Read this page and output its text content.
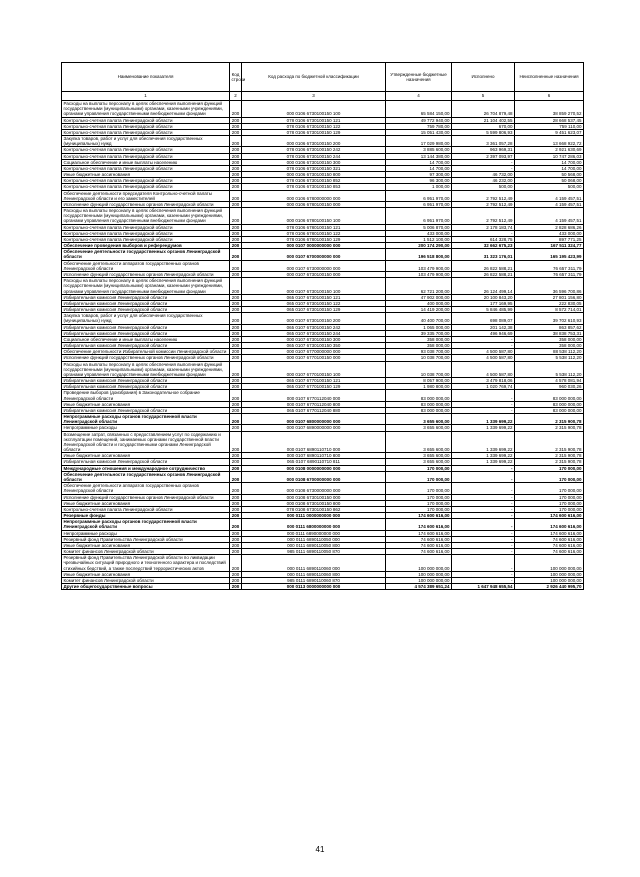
Наименование показателя	Код строки	Код расхода по бюджетной классификации	Утвержденные бюджетные назначения	Исполнено	Неисполненные назначения
1	2	3	4	5	6
Расходы на выплаты персоналу в целях обеспечения выполнения функций государственными (муниципальными) органами, казенными учреждениями, органами управления государственными внебюджетными фондами	200	000 0106 6730100150 100	65 584 150,00	26 704 879,48	38 859 270,52
Контрольно-счетная палата Ленинградской области	200	078 0106 6730100150 121	49 772 940,00	21 104 402,55	28 668 537,45
Контрольно-счетная палата Ленинградской области	200	078 0106 6730100150 122	759 780,00	670,00	759 110,00
Контрольно-счетная палата Ленинградской области	200	078 0106 6730100150 129	15 051 430,00	5 599 806,93	9 451 623,07
Закупка товаров, работ и услуг для обеспечения государственных (муниципальных) нужд	200	000 0106 6730100150 200	17 029 980,00	3 361 057,28	13 668 922,72
Контрольно-счетная палата Ленинградской области	200	078 0106 6730100150 242	3 885 600,00	963 969,31	2 921 630,69
Контрольно-счетная палата Ленинградской области	200	078 0106 6730100150 244	13 144 380,00	2 397 093,97	10 747 286,03
Социальное обеспечение и иные выплаты населению	200	000 0106 6730100150 300	14 700,00	-	14 700,00
Контрольно-счетная палата Ленинградской области	200	078 0106 6730100150 321	14 700,00	-	14 700,00
Иные бюджетные ассигнования	200	000 0106 6730100150 800	97 300,00	46 732,00	50 568,00
Контрольно-счетная палата Ленинградской области	200	078 0106 6730100150 852	96 300,00	46 232,00	50 068,00
Контрольно-счетная палата Ленинградской области	200	078 0106 6730100150 853	1 000,00	500,00	500,00
Обеспечение деятельности председателя Контрольно-счетной палаты Ленинградской области и его заместителей	200	000 0106 6780000000 000	6 951 970,00	2 792 512,49	4 159 457,51
Исполнение функций государственных органов Ленинградской области	200	000 0106 6780100150 000	6 951 970,00	2 792 512,49	4 159 457,51
Расходы на выплаты персоналу в целях обеспечения выполнения функций государственными (муниципальными) органами, казенными учреждениями, органами управления государственными внебюджетными фондами	200	000 0106 6780100150 100	6 951 970,00	2 792 512,49	4 159 457,51
Контрольно-счетная палата Ленинградской области	200	078 0106 6780100150 121	5 006 870,00	2 178 183,74	2 828 686,26
Контрольно-счетная палата Ленинградской области	200	078 0106 6780100150 122	433 000,00	-	433 000,00
Контрольно-счетная палата Ленинградской области	200	078 0106 6780100150 129	1 512 100,00	614 328,75	897 771,25
Обеспечение проведения выборов и референдумов	200	000 0107 0000000000 000	200 174 290,00	32 662 675,23	167 511 324,77
Обеспечение деятельности государственных органов Ленинградской области	200	000 0107 6700000000 000	196 518 800,00	31 323 176,01	165 195 423,99
Обеспечение деятельности аппаратов государственных органов Ленинградской области	200	000 0107 6730000000 000	103 479 900,00	26 822 588,21	76 657 311,79
Исполнение функций государственных органов Ленинградской области	200	000 0107 6730100150 000	103 479 900,00	26 822 588,21	76 657 311,79
Расходы на выплаты персоналу в целях обеспечения выполнения функций государственными (муниципальными) органами, казенными учреждениями, органами управления государственными внебюджетными фондами	200	000 0107 6730100150 100	62 721 200,00	26 124 499,14	36 596 700,86
Избирательная комиссия Ленинградской области	200	065 0107 6730100150 121	47 902 000,00	20 100 843,20	27 801 156,80
Избирательная комиссия Ленинградской области	200	065 0107 6730100150 122	400 000,00	177 169,95	222 830,05
Избирательная комиссия Ленинградской области	200	065 0107 6730100150 129	14 419 200,00	5 846 485,99	8 572 714,01
Закупка товаров, работ и услуг для обеспечения государственных (муниципальных) нужд	200	000 0107 6730100150 200	40 400 700,00	698 089,07	39 702 610,93
Избирательная комиссия Ленинградской области	200	065 0107 6730100150 242	1 065 000,00	201 142,38	863 857,62
Избирательная комиссия Ленинградской области	200	065 0107 6730100150 244	39 335 700,00	496 946,69	38 838 753,31
Социальное обеспечение и иные выплаты населению	200	000 0107 6730100150 300	358 000,00	-	358 000,00
Избирательная комиссия Ленинградской области	200	065 0107 6730100150 350	358 000,00	-	358 000,00
Обеспечение деятельности Избирательной комиссии Ленинградской области	200	000 0107 6770000000 000	93 038 700,00	4 500 587,80	88 538 112,20
Исполнение функций государственных органов Ленинградской области	200	000 0107 6770100150 000	10 038 700,00	4 500 587,80	5 538 112,20
Расходы на выплаты персоналу в целях обеспечения выполнения функций государственными (муниципальными) органами, казенными учреждениями, органами управления государственными внебюджетными фондами	200	000 0107 6770100150 100	10 038 700,00	4 500 587,80	5 538 112,20
Избирательная комиссия Ленинградской области	200	065 0107 6770100150 121	8 057 900,00	3 479 818,06	4 578 081,94
Избирательная комиссия Ленинградской области	200	065 0107 6770100150 129	1 980 800,00	1 020 769,74	960 030,26
Проведение выборов (доизбрания) в Законодательное собрание Ленинградской области	200	000 0107 6770112040 000	83 000 000,00	-	83 000 000,00
Иные бюджетные ассигнования	200	000 0107 6770112040 800	83 000 000,00	-	83 000 000,00
Избирательная комиссия Ленинградской области	200	065 0107 6770112040 880	83 000 000,00	-	83 000 000,00
Непрограммные расходы органов государственной власти Ленинградской области	200	000 0107 6800000000 000	3 655 600,00	1 339 699,22	2 315 900,78
Непрограммные расходы	200	000 0107 6890000000 000	3 655 600,00	1 339 699,22	2 315 900,78
Возмещение затрат, связанных с предоставлением услуг по содержанию и эксплуатации помещений, занимаемых органами государственной власти Ленинградской области и государственными органами Ленинградской области	200	000 0107 6890110710 000	3 655 600,00	1 339 699,22	2 315 900,78
Иные бюджетные ассигнования	200	000 0107 6890110710 800	3 655 600,00	1 339 699,22	2 315 900,78
Избирательная комиссия Ленинградской области	200	065 0107 6890110710 811	3 655 600,00	1 339 699,22	2 315 900,78
Международные отношения и международное сотрудничество	200	000 0108 0000000000 000	170 000,00	-	170 000,00
Обеспечение деятельности государственных органов Ленинградской области	200	000 0108 6700000000 000	170 000,00	-	170 000,00
Обеспечение деятельности аппаратов государственных органов Ленинградской области	200	000 0108 6730000000 000	170 000,00	-	170 000,00
Исполнение функций государственных органов Ленинградской области	200	000 0108 6730100150 000	170 000,00	-	170 000,00
Иные бюджетные ассигнования	200	000 0108 6730100150 800	170 000,00	-	170 000,00
Контрольно-счетная палата Ленинградской области	200	078 0108 6730100150 862	170 000,00	-	170 000,00
Резервные фонды	200	000 0111 0000000000 000	174 600 616,00	-	174 600 616,00
Непрограммные расходы органов государственной власти Ленинградской области	200	000 0111 6800000000 000	174 600 616,00	-	174 600 616,00
Непрограммные расходы	200	000 0111 6890000000 000	174 600 616,00	-	174 600 616,00
Резервный фонд Правительства Ленинградской области	200	000 0111 6890110050 000	74 600 616,00	-	74 600 616,00
Иные бюджетные ассигнования	200	000 0111 6890110050 800	74 600 616,00	-	74 600 616,00
Комитет финансов Ленинградской области	200	985 0111 6890110050 870	74 600 616,00	-	74 600 616,00
Резервный фонд Правительства Ленинградской области по ликвидации чрезвычайных ситуаций природного и техногенного характера и последствий стихийных бедствий, а также последствий террористических актов	200	000 0111 6890110060 000	100 000 000,00	-	100 000 000,00
Иные бюджетные ассигнования	200	000 0111 6890110060 800	100 000 000,00	-	100 000 000,00
Комитет финансов Ленинградской области	200	985 0111 6890110060 870	100 000 000,00	-	100 000 000,00
Другие общегосударственные вопросы	200	000 0113 0000000000 000	4 574 389 651,24	1 647 948 655,54	2 926 440 995,70
41
